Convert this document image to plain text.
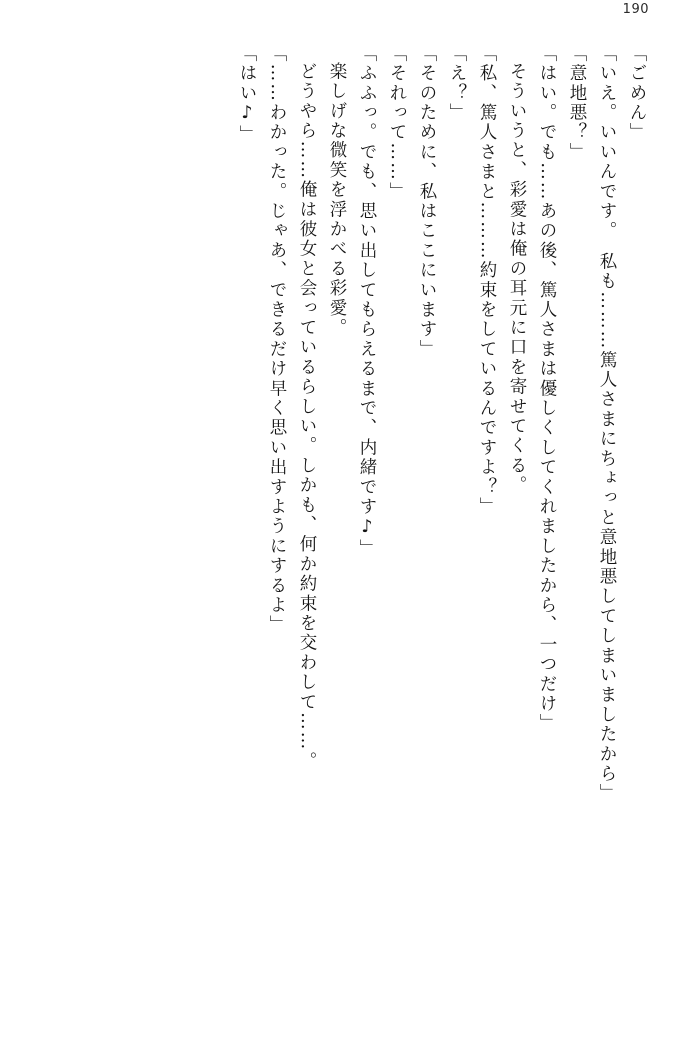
190
「ごめん」
「いえ。いいんです。　私も………篤人さまにちょっと意地悪してしまいましたから」
「意地悪？」
「はい。でも……あの後、篤人さまは優しくしてくれましたから、一つだけ」
そういうと、彩愛は俺の耳元に口を寄せてくる。
「私、篤人さまと………約束をしているんですよ？」
「え？」
「そのために、私はここにいます」
「それって……」
「ふふっ。でも、思い出してもらえるまで、内緒です♪」
楽しげな微笑を浮かべる彩愛。
どうやら……俺は彼女と会っているらしい。しかも、何か約束を交わして……。
「……わかった。じゃあ、できるだけ早く思い出すようにするよ」
「はい♪」
